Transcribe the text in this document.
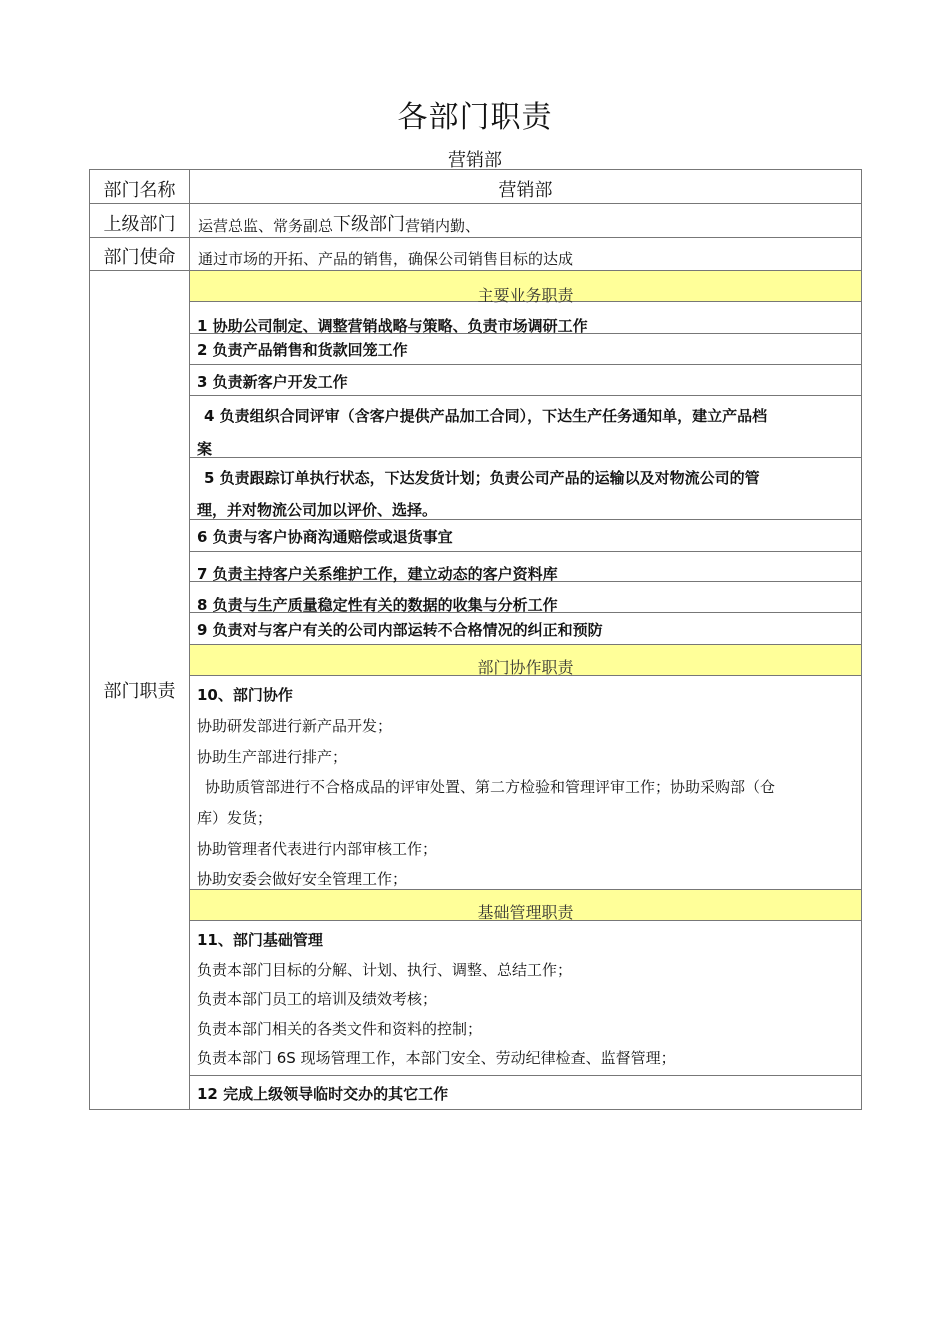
各部门职责
营销部
部门名称	营销部
上级部门	运营总监、常务副总 下级部门 营销内勤、
部门使命	通过市场的开拓、产品的销售，确保公司销售目标的达成
部门职责
主要业务职责
1 协助公司制定、调整营销战略与策略、负责市场调研工作
2 负责产品销售和货款回笼工作
3 负责新客户开发工作
4 负责组织合同评审（含客户提供产品加工合同），下达生产任务通知单，建立产品档
案
5 负责跟踪订单执行状态，下达发货计划；负责公司产品的运输以及对物流公司的管
理，并对物流公司加以评价、选择。
6 负责与客户协商沟通赔偿或退货事宜
7 负责主持客户关系维护工作，建立动态的客户资料库
8 负责与生产质量稳定性有关的数据的收集与分析工作
9 负责对与客户有关的公司内部运转不合格情况的纠正和预防
部门协作职责
10、部门协作
协助研发部进行新产品开发；
协助生产部进行排产；
协助质管部进行不合格成品的评审处置、第二方检验和管理评审工作；协助采购部（仓
库）发货；
协助管理者代表进行内部审核工作；
协助安委会做好安全管理工作；
基础管理职责
11、部门基础管理
负责本部门目标的分解、计划、执行、调整、总结工作；
负责本部门员工的培训及绩效考核；
负责本部门相关的各类文件和资料的控制；
负责本部门 6S 现场管理工作，本部门安全、劳动纪律检查、监督管理；
12 完成上级领导临时交办的其它工作
